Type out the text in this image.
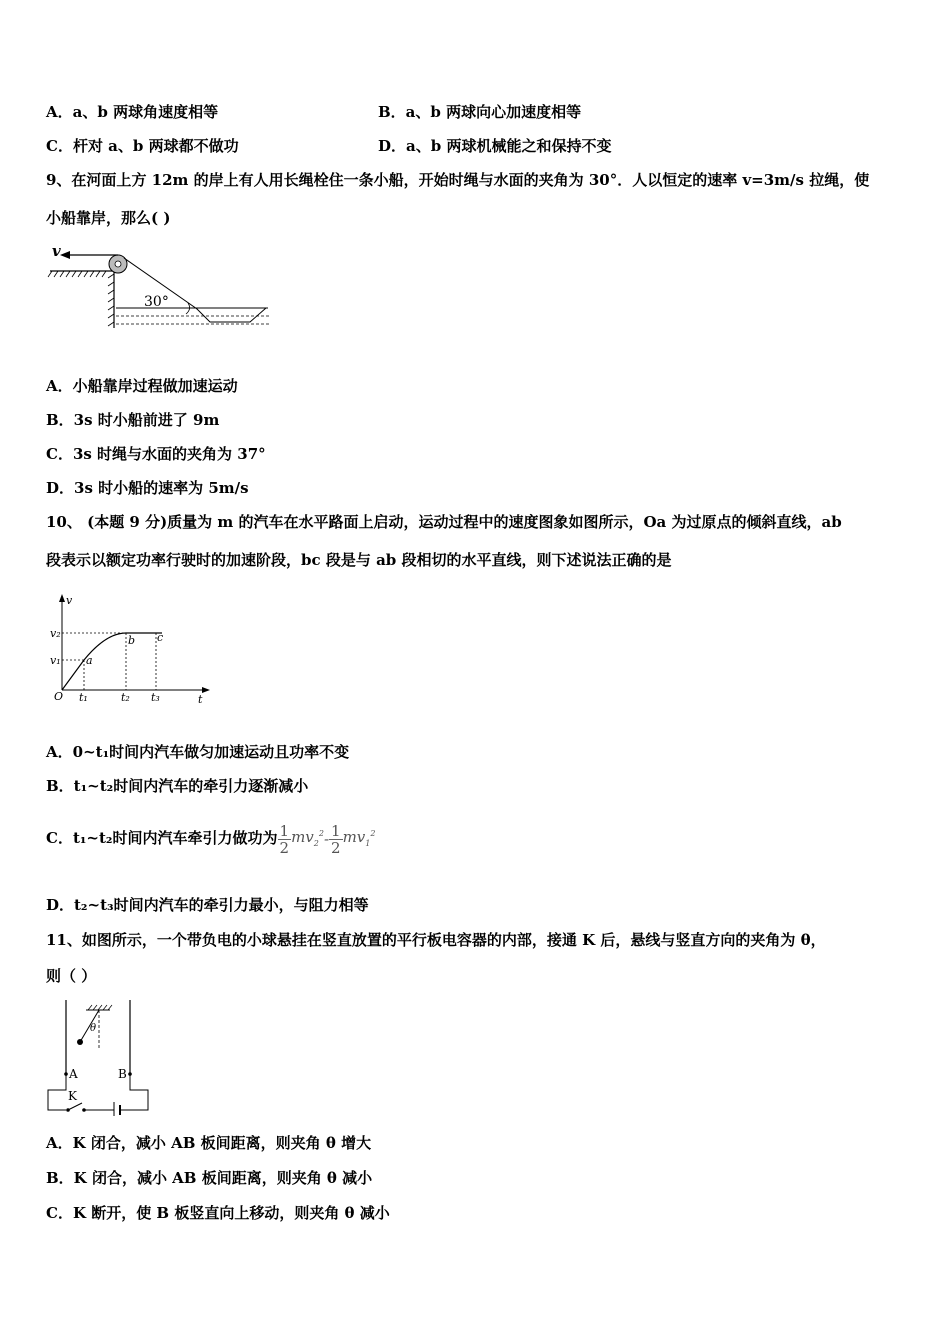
A．a、b 两球角速度相等	B．a、b 两球向心加速度相等
C．杆对 a、b 两球都不做功	D．a、b 两球机械能之和保持不变
9、在河面上方 12m 的岸上有人用长绳栓住一条小船，开始时绳与水面的夹角为 30°．人以恒定的速率 v=3m/s 拉绳，使
小船靠岸，那么( )
v
30°
A．小船靠岸过程做加速运动
B．3s 时小船前进了 9m
C．3s 时绳与水面的夹角为 37°
D．3s 时小船的速率为 5m/s
10、 (本题 9 分)质量为 m 的汽车在水平路面上启动，运动过程中的速度图象如图所示，Oa 为过原点的倾斜直线，ab
段表示以额定功率行驶时的加速阶段，bc 段是与 ab 段相切的水平直线，则下述说法正确的是
v
t
O
v₂
v₁
t₁	t₂ t₃
a
b c
A．0~t₁时间内汽车做匀加速运动且功率不变
B．t₁~t₂时间内汽车的牵引力逐渐减小
C．t₁~t₂时间内汽车牵引力做功为 $\frac{1}{2} mv_2^2- \frac{1}{2} mv_1^2$
D．t₂~t₃时间内汽车的牵引力最小，与阻力相等
11、如图所示，一个带负电的小球悬挂在竖直放置的平行板电容器的内部，接通 K 后，悬线与竖直方向的夹角为 θ，
则（ ）
θ
A	B
K
A．K 闭合，减小 AB 板间距离，则夹角 θ 增大
B．K 闭合，减小 AB 板间距离，则夹角 θ 减小
C．K 断开，使 B 板竖直向上移动，则夹角 θ 减小
